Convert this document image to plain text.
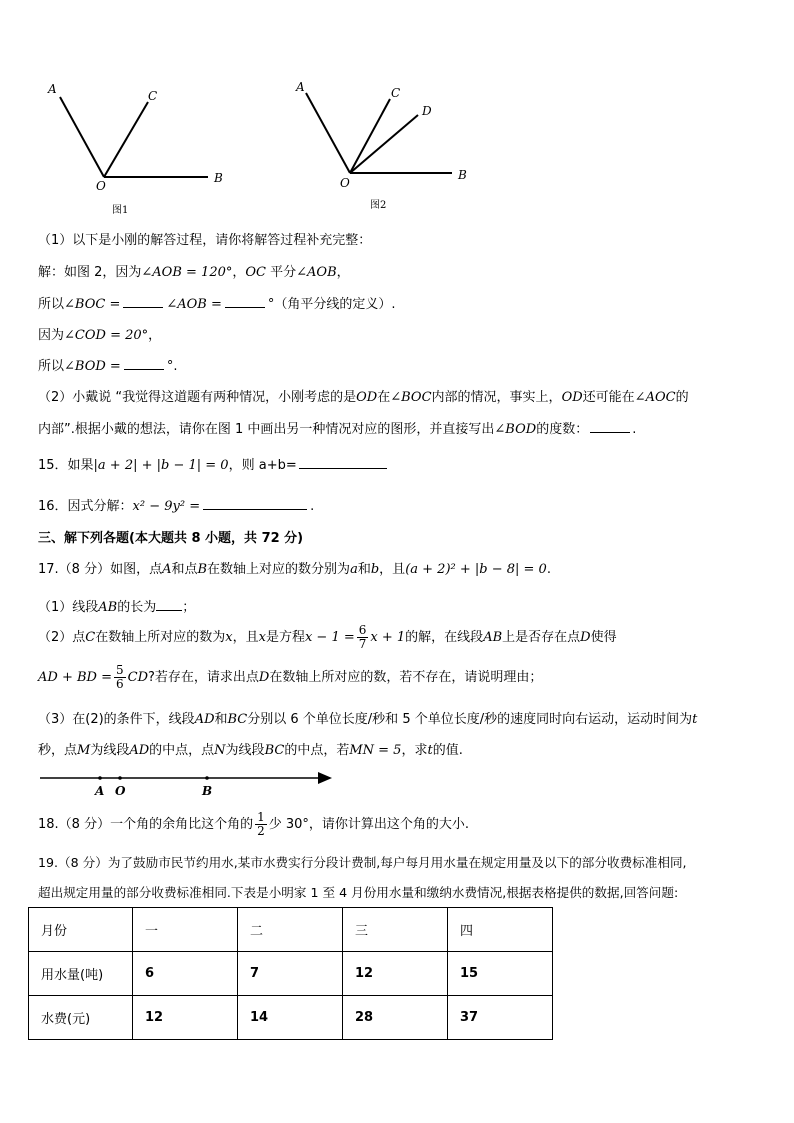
A	C
O
B
图1
A	C
D
O
B
图2
（1）以下是小刚的解答过程，请你将解答过程补充完整：
解：如图 2，因为∠AOB = 120°，OC 平分∠AOB，
所以∠BOC =	∠AOB =	°（角平分线的定义）.
因为∠COD = 20°，
所以∠BOD =	°.
（2）小戴说 “我觉得这道题有两种情况，小刚考虑的是OD在∠BOC内部的情况，事实上，OD还可能在∠AOC的
内部”.根据小戴的想法，请你在图 1 中画出另一种情况对应的图形，并直接写出∠BOD的度数：	.
15．如果|a + 2| + |b − 1| = 0，则 a+b=
16．因式分解：x² − 9y² =	.
三、解下列各题(本大题共 8 小题，共 72 分)
17.（8 分）如图，点A和点B在数轴上对应的数分别为a和b，且(a + 2)² + |b − 8| = 0.
（1）线段AB的长为 ；
（2）点C在数轴上所对应的数为x，且x是方程$x - 1 = \frac{6}{7}$ x + 1的解，在线段AB上是否存在点D使得
AD + BD = $\frac{5}{6}$ CD?若存在，请求出点D在数轴上所对应的数，若不存在，请说明理由；
（3）在(2)的条件下，线段AD和BC分别以 6 个单位长度/秒和 5 个单位长度/秒的速度同时向右运动，运动时间为t
秒，点M为线段AD的中点，点N为线段BC的中点，若MN = 5，求t的值.
A O	B
18.（8 分）一个角的余角比这个角的 $\frac{1}{2}$ 少 30°，请你计算出这个角的大小.
19.（8 分）为了鼓励市民节约用水,某市水费实行分段计费制,每户每月用水量在规定用量及以下的部分收费标准相同,
超出规定用量的部分收费标准相同.下表是小明家 1 至 4 月份用水量和缴纳水费情况,根据表格提供的数据,回答问题:
月份	一	二	三	四
用水量(吨)	6	7	12	15
水费(元)	12	14	28	37
